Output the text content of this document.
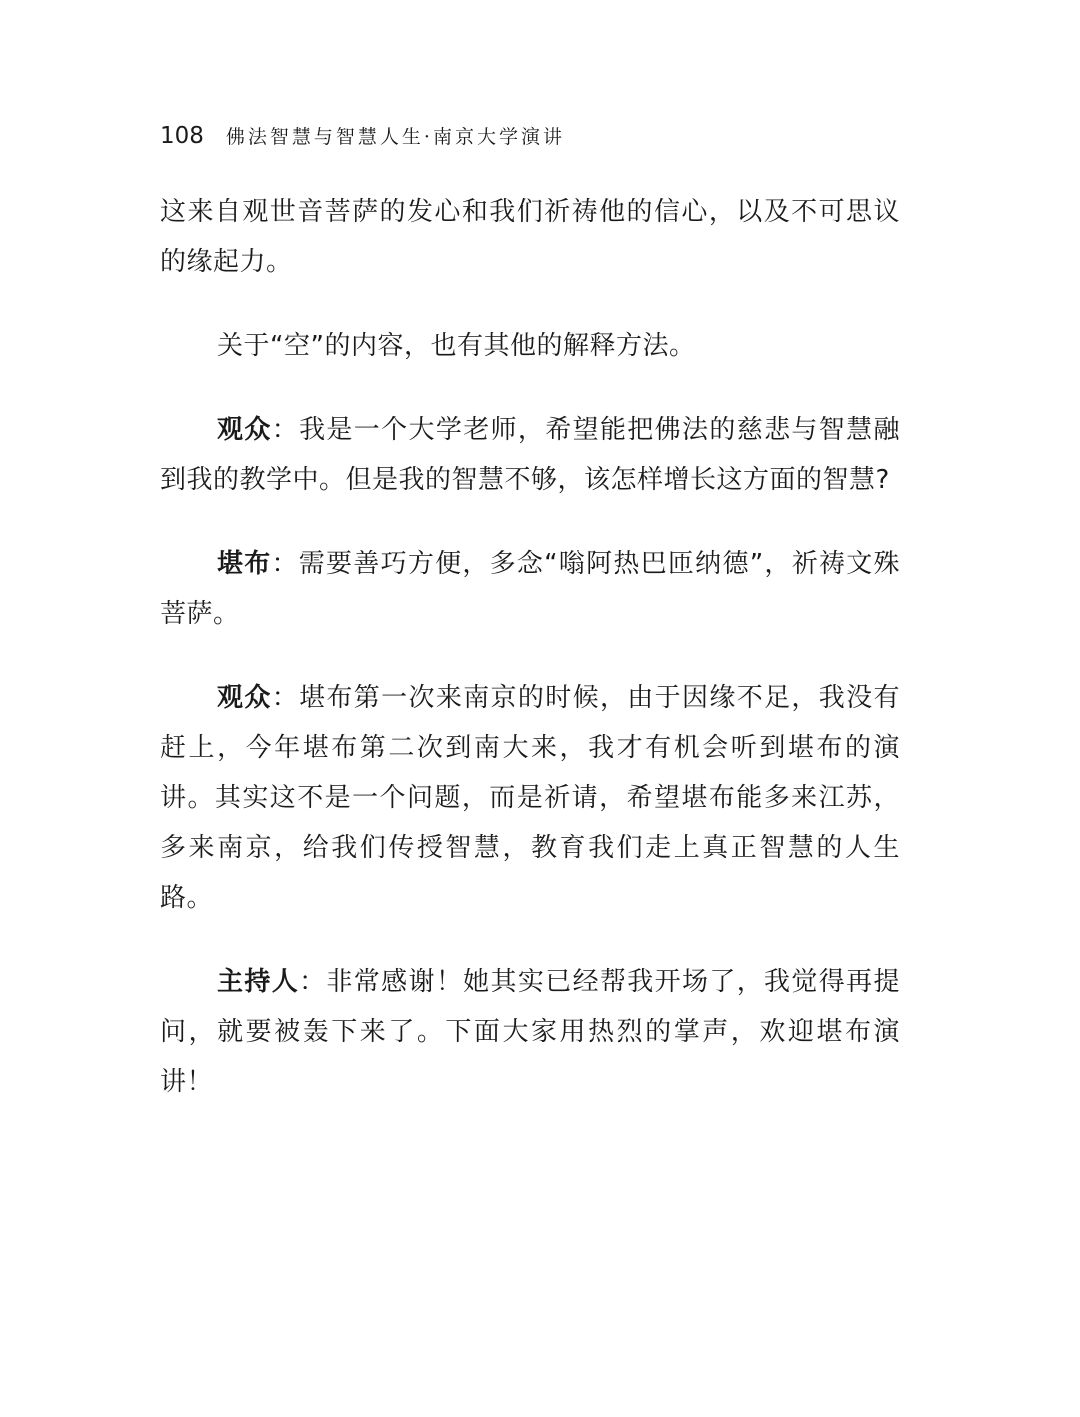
108 佛法智慧与智慧人生·南京大学演讲

这来自观世音菩萨的发心和我们祈祷他的信心，以及不可思议的缘起力。

关于“空”的内容，也有其他的解释方法。

观众：我是一个大学老师，希望能把佛法的慈悲与智慧融到我的教学中。但是我的智慧不够，该怎样增长这方面的智慧?

堪布：需要善巧方便，多念“嗡阿热巴匝纳德”，祈祷文殊菩萨。

观众：堪布第一次来南京的时候，由于因缘不足，我没有赶上，今年堪布第二次到南大来，我才有机会听到堪布的演讲。其实这不是一个问题，而是祈请，希望堪布能多来江苏，多来南京，给我们传授智慧，教育我们走上真正智慧的人生路。

主持人：非常感谢！她其实已经帮我开场了，我觉得再提问，就要被轰下来了。下面大家用热烈的掌声，欢迎堪布演讲！
